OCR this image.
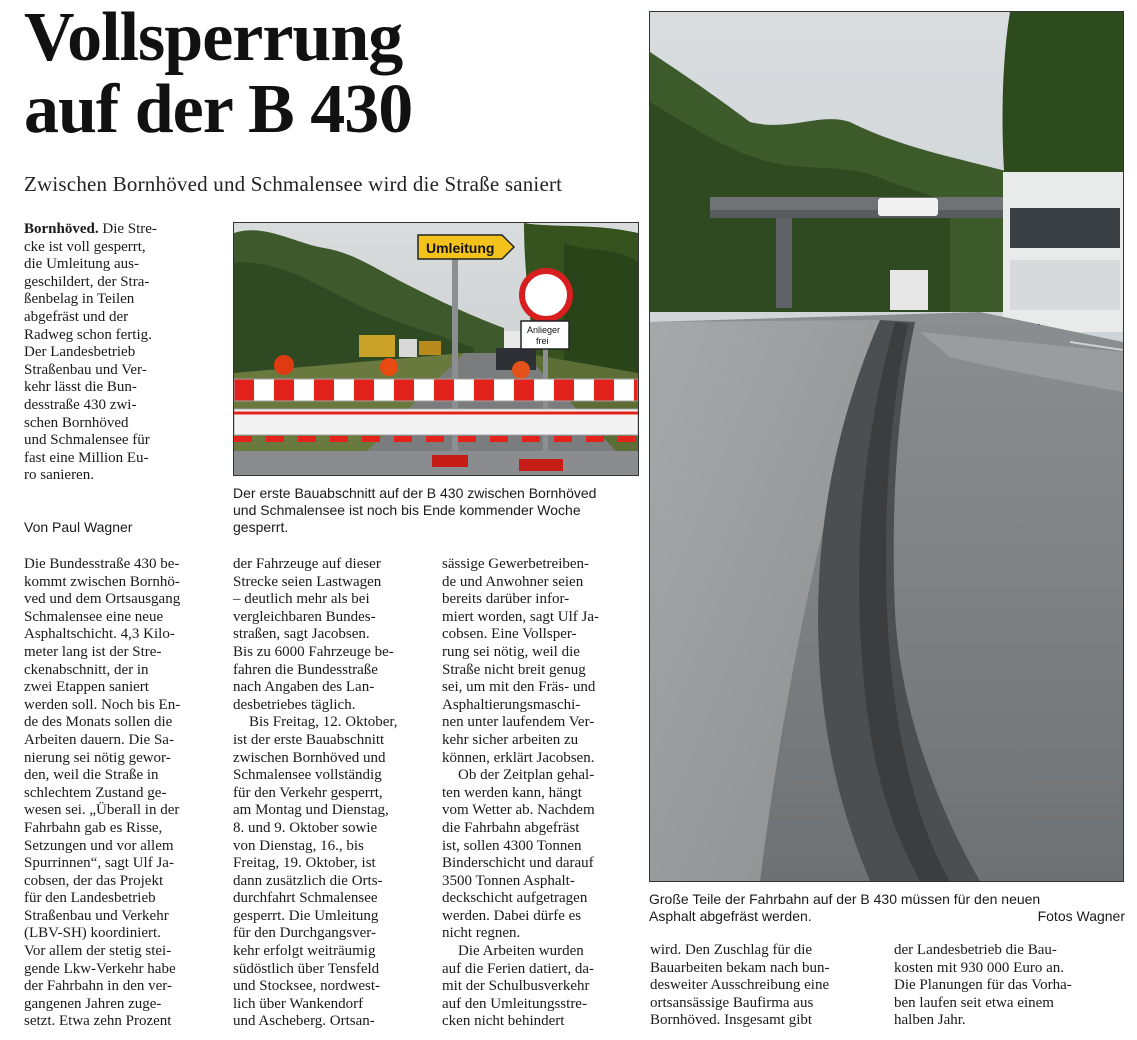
Vollsperrung
auf der B 430
Zwischen Bornhöved und Schmalensee wird die Straße saniert
Bornhöved. Die Stre-
cke ist voll gesperrt,
die Umleitung aus-
geschildert, der Stra-
ßenbelag in Teilen
abgefräst und der
Radweg schon fertig.
Der Landesbetrieb
Straßenbau und Ver-
kehr lässt die Bun-
desstraße 430 zwi-
schen Bornhöved
und Schmalensee für
fast eine Million Eu-
ro sanieren.
Von Paul Wagner
Umleitung
Anlieger
frei
Der erste Bauabschnitt auf der B 430 zwischen Bornhöved
und Schmalensee ist noch bis Ende kommender Woche
gesperrt.
Große Teile der Fahrbahn auf der B 430 müssen für den neuen
Asphalt abgefräst werden.	Fotos Wagner
Die Bundesstraße 430 be-
kommt zwischen Bornhö-
ved und dem Ortsausgang
Schmalensee eine neue
Asphaltschicht. 4,3 Kilo-
meter lang ist der Stre-
ckenabschnitt, der in
zwei Etappen saniert
werden soll. Noch bis En-
de des Monats sollen die
Arbeiten dauern. Die Sa-
nierung sei nötig gewor-
den, weil die Straße in
schlechtem Zustand ge-
wesen sei. „Überall in der
Fahrbahn gab es Risse,
Setzungen und vor allem
Spurrinnen“, sagt Ulf Ja-
cobsen, der das Projekt
für den Landesbetrieb
Straßenbau und Verkehr
(LBV-SH) koordiniert.
Vor allem der stetig stei-
gende Lkw-Verkehr habe
der Fahrbahn in den ver-
gangenen Jahren zuge-
setzt. Etwa zehn Prozent
der Fahrzeuge auf dieser
Strecke seien Lastwagen
– deutlich mehr als bei
vergleichbaren Bundes-
straßen, sagt Jacobsen.
Bis zu 6000 Fahrzeuge be-
fahren die Bundesstraße
nach Angaben des Lan-
desbetriebes täglich.
Bis Freitag, 12. Oktober,
ist der erste Bauabschnitt
zwischen Bornhöved und
Schmalensee vollständig
für den Verkehr gesperrt,
am Montag und Dienstag,
8. und 9. Oktober sowie
von Dienstag, 16., bis
Freitag, 19. Oktober, ist
dann zusätzlich die Orts-
durchfahrt Schmalensee
gesperrt. Die Umleitung
für den Durchgangsver-
kehr erfolgt weiträumig
südöstlich über Tensfeld
und Stocksee, nordwest-
lich über Wankendorf
und Ascheberg. Ortsan-
sässige Gewerbetreiben-
de und Anwohner seien
bereits darüber infor-
miert worden, sagt Ulf Ja-
cobsen. Eine Vollsper-
rung sei nötig, weil die
Straße nicht breit genug
sei, um mit den Fräs- und
Asphaltierungsmaschi-
nen unter laufendem Ver-
kehr sicher arbeiten zu
können, erklärt Jacobsen.
Ob der Zeitplan gehal-
ten werden kann, hängt
vom Wetter ab. Nachdem
die Fahrbahn abgefräst
ist, sollen 4300 Tonnen
Binderschicht und darauf
3500 Tonnen Asphalt-
deckschicht aufgetragen
werden. Dabei dürfe es
nicht regnen.
Die Arbeiten wurden
auf die Ferien datiert, da-
mit der Schulbusverkehr
auf den Umleitungsstre-
cken nicht behindert
wird. Den Zuschlag für die
Bauarbeiten bekam nach bun-
desweiter Ausschreibung eine
ortsansässige Baufirma aus
Bornhöved. Insgesamt gibt
der Landesbetrieb die Bau-
kosten mit 930 000 Euro an.
Die Planungen für das Vorha-
ben laufen seit etwa einem
halben Jahr.
